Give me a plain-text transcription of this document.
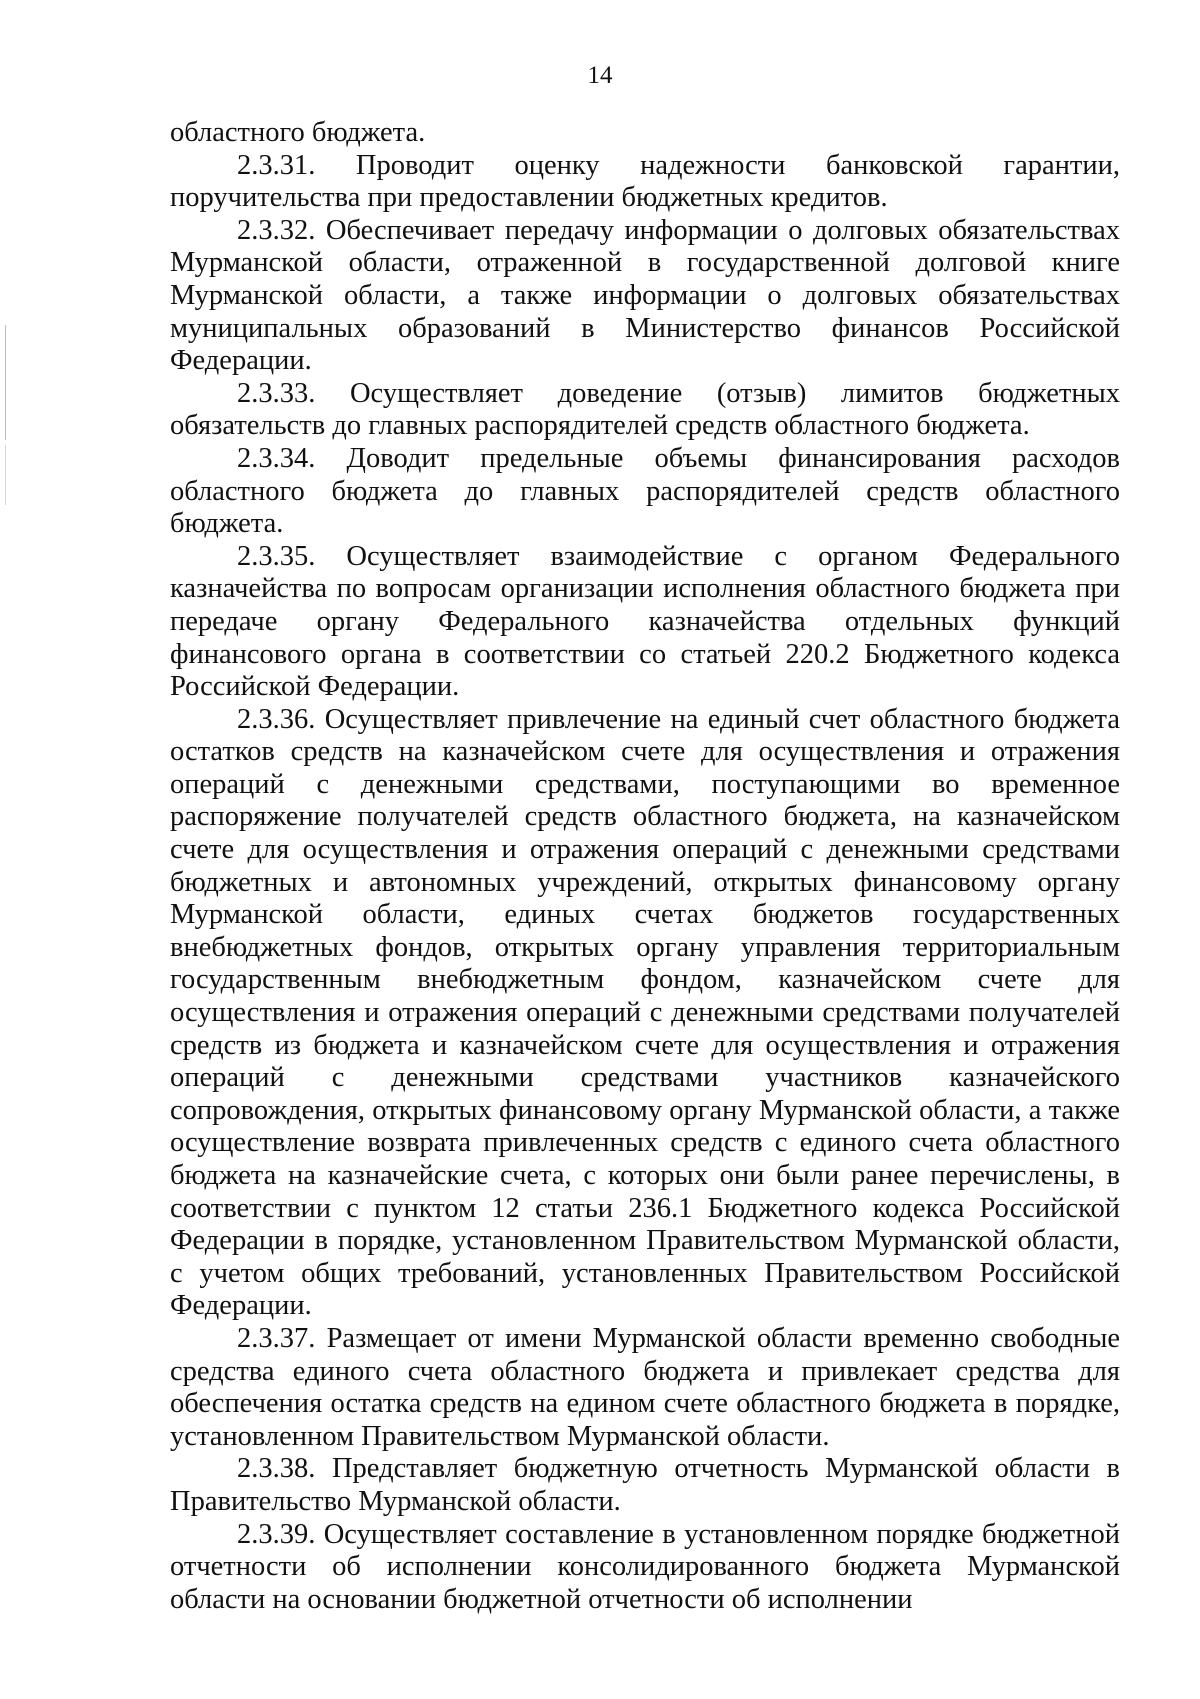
14

областного бюджета.

2.3.31. Проводит оценку надежности банковской гарантии, поручительства при предоставлении бюджетных кредитов.

2.3.32. Обеспечивает передачу информации о долговых обязательствах Мурманской области, отраженной в государственной долговой книге Мурманской области, а также информации о долговых обязательствах муниципальных образований в Министерство финансов Российской Федерации.

2.3.33. Осуществляет доведение (отзыв) лимитов бюджетных обязательств до главных распорядителей средств областного бюджета.

2.3.34. Доводит предельные объемы финансирования расходов областного бюджета до главных распорядителей средств областного бюджета.

2.3.35. Осуществляет взаимодействие с органом Федерального казначейства по вопросам организации исполнения областного бюджета при передаче органу Федерального казначейства отдельных функций финансового органа в соответствии со статьей 220.2 Бюджетного кодекса Российской Федерации.

2.3.36. Осуществляет привлечение на единый счет областного бюджета остатков средств на казначейском счете для осуществления и отражения операций с денежными средствами, поступающими во временное распоряжение получателей средств областного бюджета, на казначейском счете для осуществления и отражения операций с денежными средствами бюджетных и автономных учреждений, открытых финансовому органу Мурманской области, единых счетах бюджетов государственных внебюджетных фондов, открытых органу управления территориальным государственным внебюджетным фондом, казначейском счете для осуществления и отражения операций с денежными средствами получателей средств из бюджета и казначейском счете для осуществления и отражения операций с денежными средствами участников казначейского сопровождения, открытых финансовому органу Мурманской области, а также осуществление возврата привлеченных средств с единого счета областного бюджета на казначейские счета, с которых они были ранее перечислены, в соответствии с пунктом 12 статьи 236.1 Бюджетного кодекса Российской Федерации в порядке, установленном Правительством Мурманской области, с учетом общих требований, установленных Правительством Российской Федерации.

2.3.37. Размещает от имени Мурманской области временно свободные средства единого счета областного бюджета и привлекает средства для обеспечения остатка средств на едином счете областного бюджета в порядке, установленном Правительством Мурманской области.

2.3.38. Представляет бюджетную отчетность Мурманской области в Правительство Мурманской области.

2.3.39. Осуществляет составление в установленном порядке бюджетной отчетности об исполнении консолидированного бюджета Мурманской области на основании бюджетной отчетности об исполнении
